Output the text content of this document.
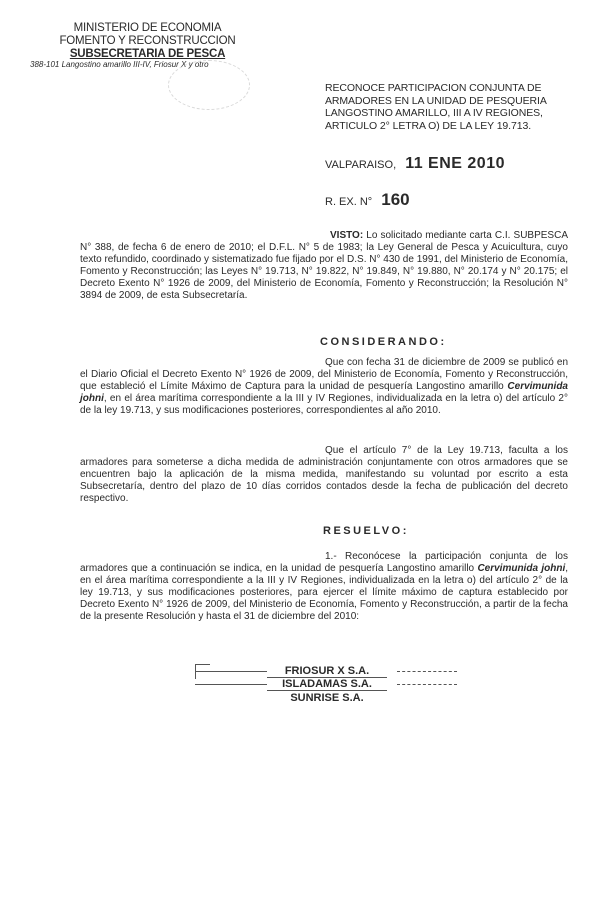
MINISTERIO DE ECONOMIA
FOMENTO Y RECONSTRUCCION
SUBSECRETARIA DE PESCA
388-101 Langostino amarillo III-IV, Friosur X y otro
RECONOCE PARTICIPACION CONJUNTA DE ARMADORES EN LA UNIDAD DE PESQUERIA LANGOSTINO AMARILLO, III A IV REGIONES, ARTICULO 2° LETRA O) DE LA LEY 19.713.
VALPARAISO, 11 ENE 2010
R. EX. N° 160
VISTO: Lo solicitado mediante carta C.I. SUBPESCA N° 388, de fecha 6 de enero de 2010; el D.F.L. N° 5 de 1983; la Ley General de Pesca y Acuicultura, cuyo texto refundido, coordinado y sistematizado fue fijado por el D.S. N° 430 de 1991, del Ministerio de Economía, Fomento y Reconstrucción; las Leyes N° 19.713, N° 19.822, N° 19.849, N° 19.880, N° 20.174 y N° 20.175; el Decreto Exento N° 1926 de 2009, del Ministerio de Economía, Fomento y Reconstrucción; la Resolución N° 3894 de 2009, de esta Subsecretaría.
CONSIDERANDO:
Que con fecha 31 de diciembre de 2009 se publicó en el Diario Oficial el Decreto Exento N° 1926 de 2009, del Ministerio de Economía, Fomento y Reconstrucción, que estableció el Límite Máximo de Captura para la unidad de pesquería Langostino amarillo Cervimunida johni, en el área marítima correspondiente a la III y IV Regiones, individualizada en la letra o) del artículo 2° de la ley 19.713, y sus modificaciones posteriores, correspondientes al año 2010.
Que el artículo 7° de la Ley 19.713, faculta a los armadores para someterse a dicha medida de administración conjuntamente con otros armadores que se encuentren bajo la aplicación de la misma medida, manifestando su voluntad por escrito a esta Subsecretaría, dentro del plazo de 10 días corridos contados desde la fecha de publicación del decreto respectivo.
RESUELVO:
1.- Reconócese la participación conjunta de los armadores que a continuación se indica, en la unidad de pesquería Langostino amarillo Cervimunida johni, en el área marítima correspondiente a la III y IV Regiones, individualizada en la letra o) del artículo 2° de la ley 19.713, y sus modificaciones posteriores, para ejercer el límite máximo de captura establecido por Decreto Exento N° 1926 de 2009, del Ministerio de Economía, Fomento y Reconstrucción, a partir de la fecha de la presente Resolución y hasta el 31 de diciembre del 2010:
FRIOSUR X S.A.
ISLADAMAS S.A.
SUNRISE S.A.
